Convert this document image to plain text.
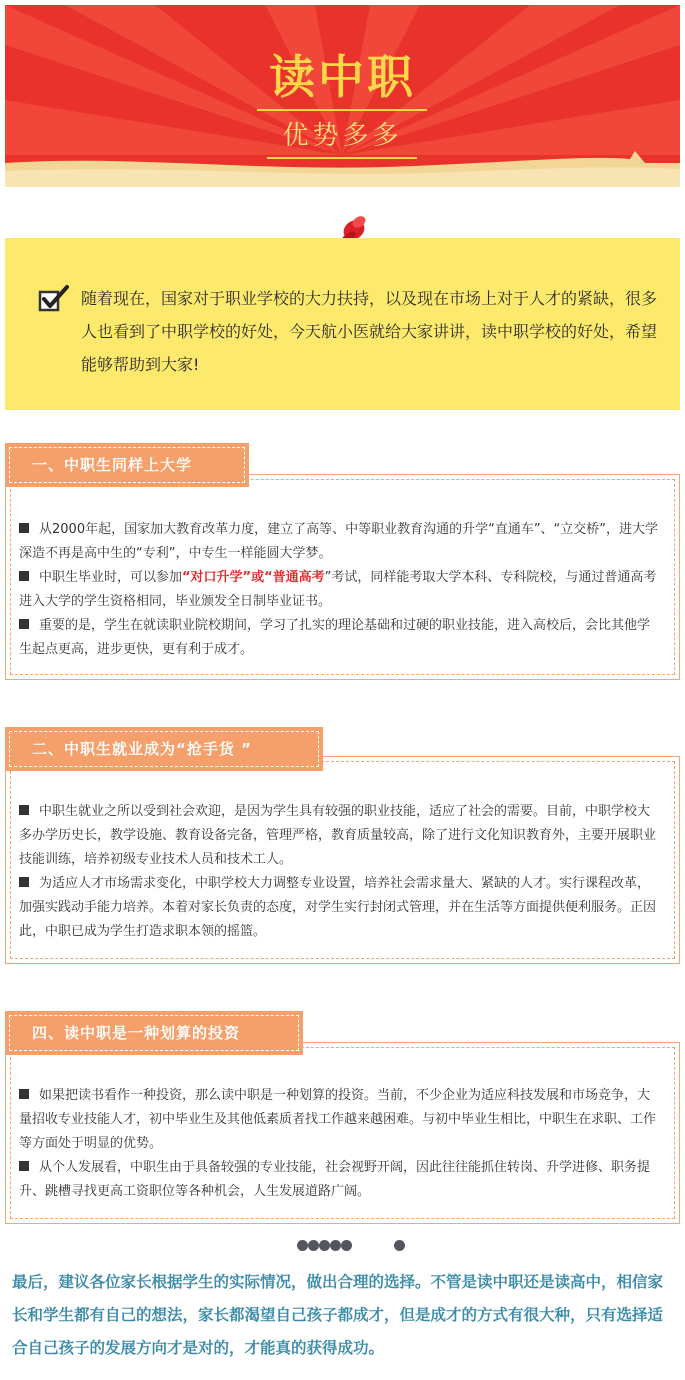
读中职
优势多多
随着现在，国家对于职业学校的大力扶持，以及现在市场上对于人才的紧缺，很多人也看到了中职学校的好处，今天航小医就给大家讲讲，读中职学校的好处，希望能够帮助到大家!
一、中职生同样上大学

从2000年起，国家加大教育改革力度，建立了高等、中等职业教育沟通的升学“直通车”、“立交桥”，进大学深造不再是高中生的“专利”，中专生一样能圆大学梦。

中职生毕业时，可以参加“对口升学”或“普通高考”考试，同样能考取大学本科、专科院校，与通过普通高考进入大学的学生资格相同，毕业颁发全日制毕业证书。

重要的是，学生在就读职业院校期间，学习了扎实的理论基础和过硬的职业技能，进入高校后，会比其他学生起点更高，进步更快，更有利于成才。

二、中职生就业成为“抢手货 ”

中职生就业之所以受到社会欢迎，是因为学生具有较强的职业技能，适应了社会的需要。目前，中职学校大多办学历史长，教学设施、教育设备完备，管理严格，教育质量较高，除了进行文化知识教育外，主要开展职业技能训练，培养初级专业技术人员和技术工人。

为适应人才市场需求变化，中职学校大力调整专业设置，培养社会需求量大、紧缺的人才。实行课程改革，加强实践动手能力培养。本着对家长负责的态度，对学生实行封闭式管理，并在生活等方面提供便利服务。正因此，中职已成为学生打造求职本领的摇篮。

四、读中职是一种划算的投资

如果把读书看作一种投资，那么读中职是一种划算的投资。当前，不少企业为适应科技发展和市场竞争，大量招收专业技能人才，初中毕业生及其他低素质者找工作越来越困难。与初中毕业生相比，中职生在求职、工作等方面处于明显的优势。

从个人发展看，中职生由于具备较强的专业技能，社会视野开阔，因此往往能抓住转岗、升学进修、职务提升、跳槽寻找更高工资职位等各种机会，人生发展道路广阔。

最后，建议各位家长根据学生的实际情况，做出合理的选择。不管是读中职还是读高中，相信家长和学生都有自己的想法，家长都渴望自己孩子都成才，但是成才的方式有很大种，只有选择适合自己孩子的发展方向才是对的，才能真的获得成功。
